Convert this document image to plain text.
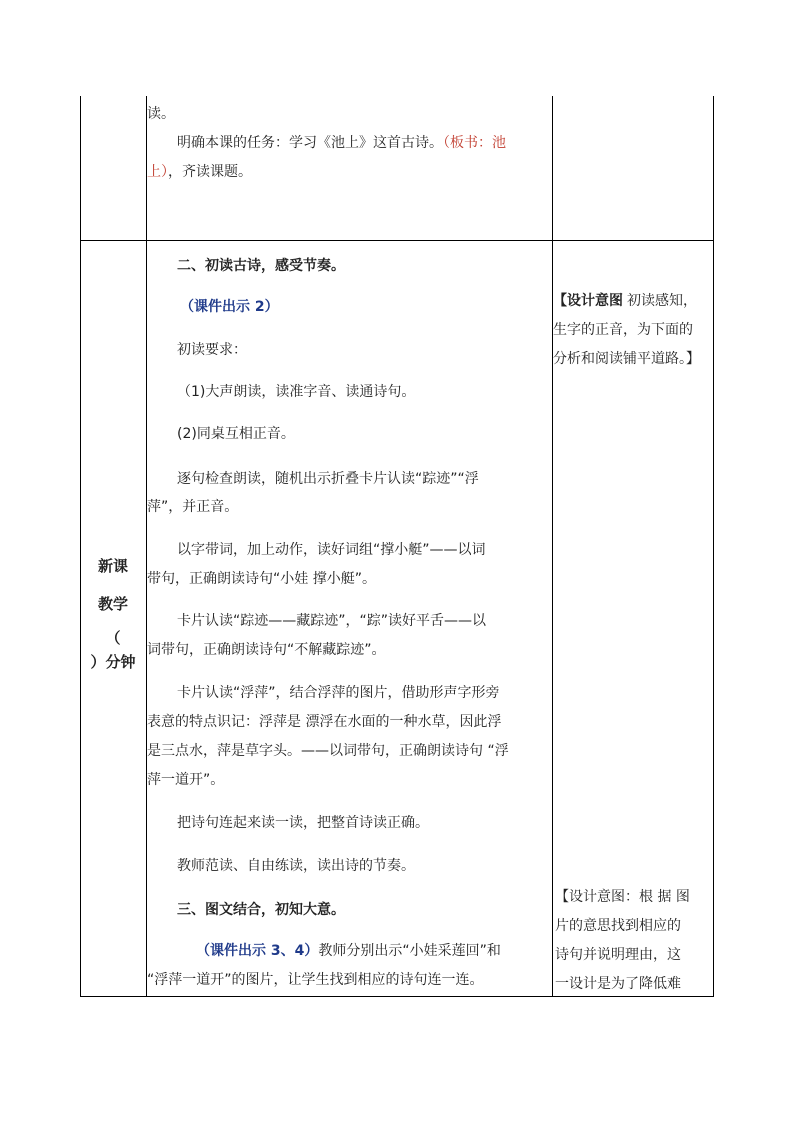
读。
明确本课的任务：学习《池上》这首古诗。（板书：池
上），齐读课题。
新课
教学
（
）分钟
二、初读古诗，感受节奏。
（课件出示 2）
初读要求：
（1)大声朗读，读准字音、读通诗句。
(2)同桌互相正音。
逐句检查朗读，随机出示折叠卡片认读“踪迹”“浮
萍”，并正音。
以字带词，加上动作，读好词组“撑小艇”——以词
带句，正确朗读诗句“小娃 撑小艇”。
卡片认读“踪迹——藏踪迹”，“踪”读好平舌——以
词带句，正确朗读诗句“不解藏踪迹”。
卡片认读“浮萍”，结合浮萍的图片，借助形声字形旁
表意的特点识记：浮萍是 漂浮在水面的一种水草，因此浮
是三点水，萍是草字头。——以词带句，正确朗读诗句 “浮
萍一道开”。
把诗句连起来读一读，把整首诗读正确。
教师范读、自由练读，读出诗的节奏。
三、图文结合，初知大意。
（课件出示 3、4）教师分别出示“小娃采莲回”和
“浮萍一道开”的图片，让学生找到相应的诗句连一连。
【设计意图 初读感知，
生字的正音，为下面的
分析和阅读铺平道路。】
【设计意图：根 据 图
片的意思找到相应的
诗句并说明理由，这
一设计是为了降低难
